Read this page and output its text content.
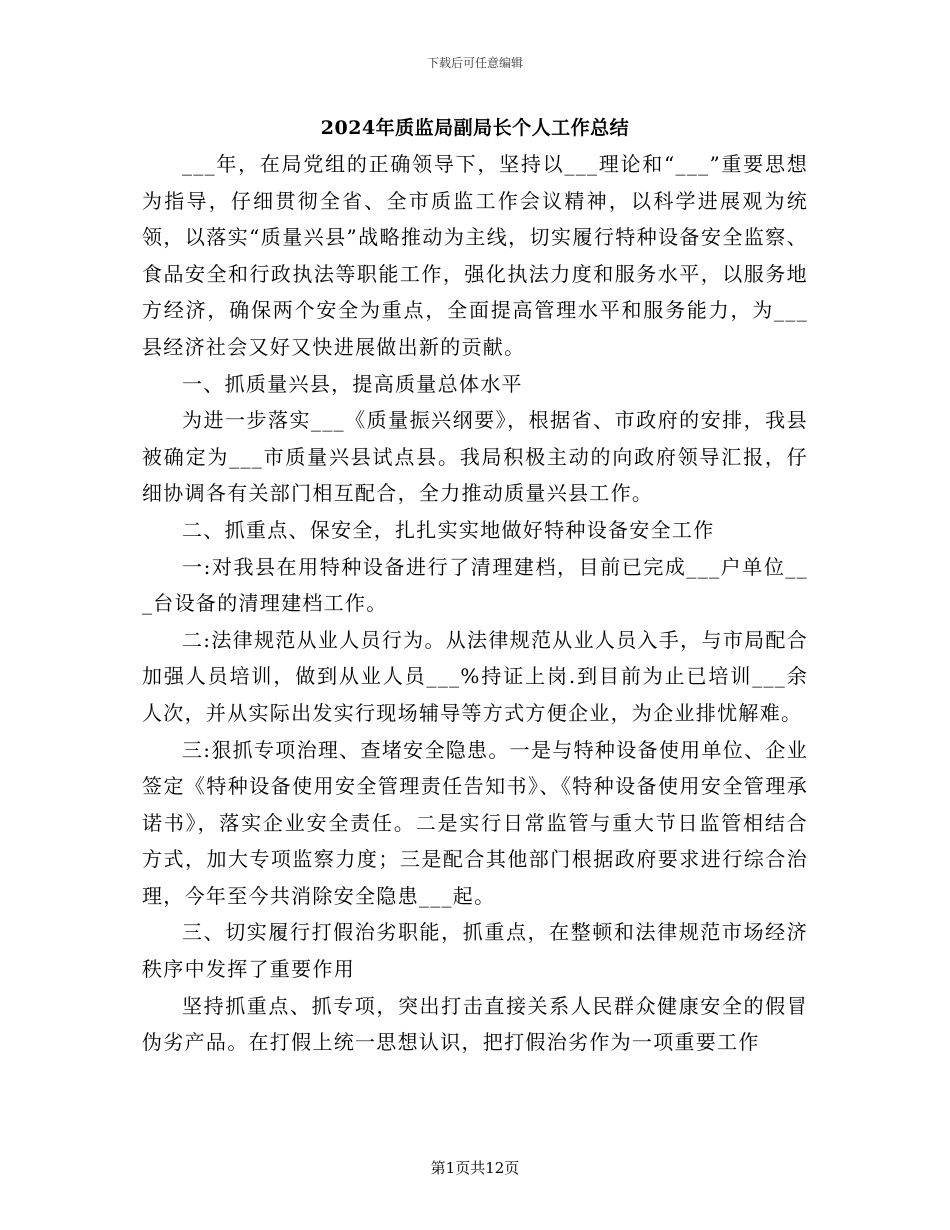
下载后可任意编辑
2024年质监局副局长个人工作总结

___年，在局党组的正确领导下，坚持以___理论和“___”重要思想为指导，仔细贯彻全省、全市质监工作会议精神，以科学进展观为统领，以落实“质量兴县”战略推动为主线，切实履行特种设备安全监察、食品安全和行政执法等职能工作，强化执法力度和服务水平，以服务地方经济，确保两个安全为重点，全面提高管理水平和服务能力，为___县经济社会又好又快进展做出新的贡献。

一、抓质量兴县，提高质量总体水平

为进一步落实___《质量振兴纲要》，根据省、市政府的安排，我县被确定为___市质量兴县试点县。我局积极主动的向政府领导汇报，仔细协调各有关部门相互配合，全力推动质量兴县工作。

二、抓重点、保安全，扎扎实实地做好特种设备安全工作

一:对我县在用特种设备进行了清理建档，目前已完成___户单位___台设备的清理建档工作。

二:法律规范从业人员行为。从法律规范从业人员入手，与市局配合加强人员培训，做到从业人员___%持证上岗.到目前为止已培训___余人次，并从实际出发实行现场辅导等方式方便企业，为企业排忧解难。

三:狠抓专项治理、查堵安全隐患。一是与特种设备使用单位、企业签定《特种设备使用安全管理责任告知书》、《特种设备使用安全管理承诺书》，落实企业安全责任。二是实行日常监管与重大节日监管相结合方式，加大专项监察力度；三是配合其他部门根据政府要求进行综合治理，今年至今共消除安全隐患___起。

三、切实履行打假治劣职能，抓重点，在整顿和法律规范市场经济秩序中发挥了重要作用

坚持抓重点、抓专项，突出打击直接关系人民群众健康安全的假冒伪劣产品。在打假上统一思想认识，把打假治劣作为一项重要工作

第1页共12页
